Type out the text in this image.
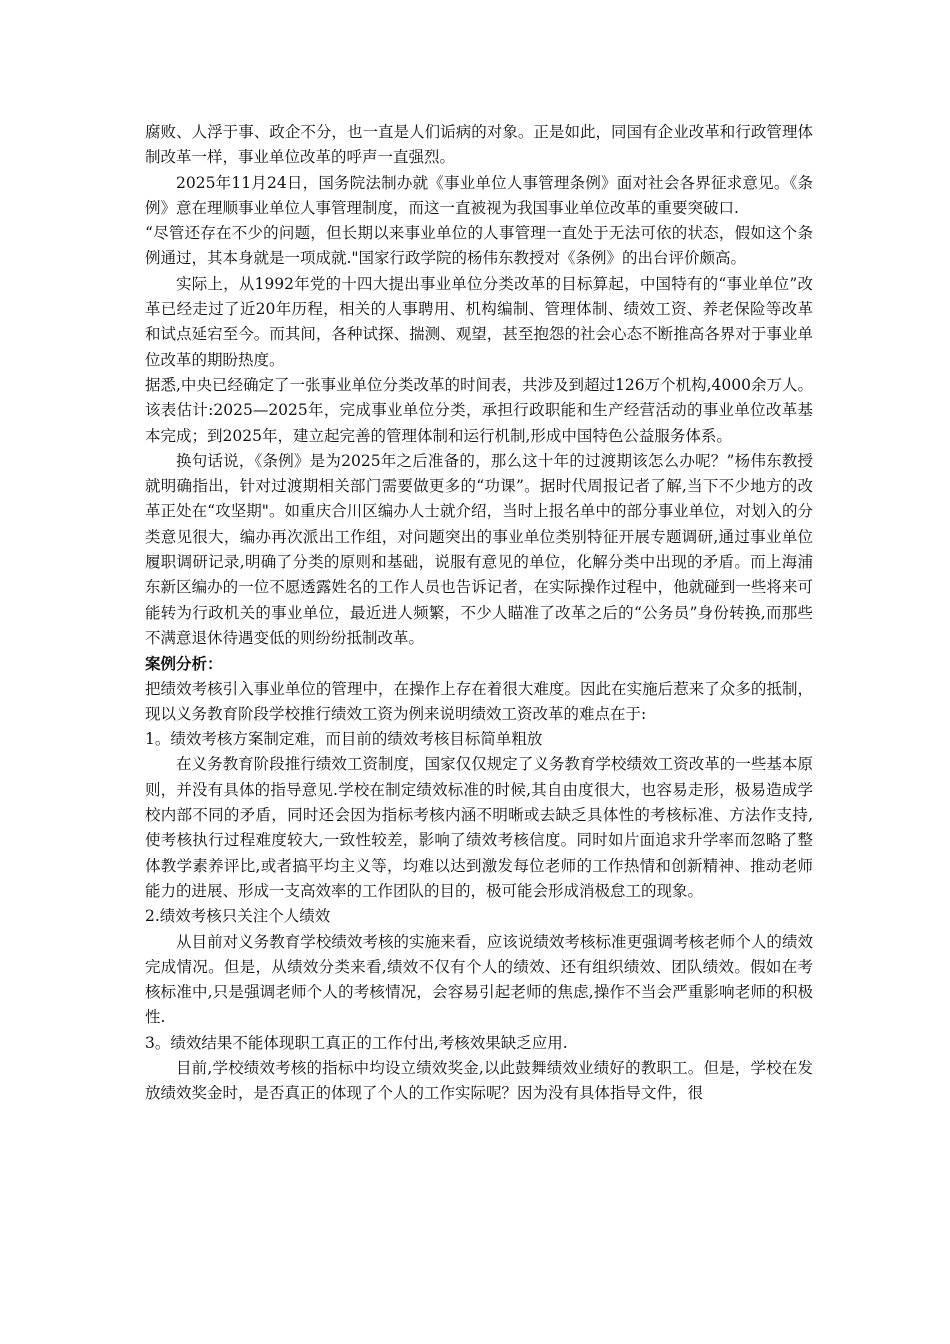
腐败、人浮于事、政企不分，也一直是人们诟病的对象。正是如此，同国有企业改革和行政管理体制改革一样，事业单位改革的呼声一直强烈。

2025年11月24日，国务院法制办就《事业单位人事管理条例》面对社会各界征求意见。《条例》意在理顺事业单位人事管理制度，而这一直被视为我国事业单位改革的重要突破口.

“尽管还存在不少的问题，但长期以来事业单位的人事管理一直处于无法可依的状态，假如这个条例通过，其本身就是一项成就."国家行政学院的杨伟东教授对《条例》的出台评价颇高。

实际上，从1992年党的十四大提出事业单位分类改革的目标算起，中国特有的“事业单位”改革已经走过了近20年历程，相关的人事聘用、机构编制、管理体制、绩效工资、养老保险等改革和试点延宕至今。而其间，各种试探、揣测、观望，甚至抱怨的社会心态不断推高各界对于事业单位改革的期盼热度。

据悉,中央已经确定了一张事业单位分类改革的时间表，共涉及到超过126万个机构,4000余万人。该表估计:2025—2025年，完成事业单位分类，承担行政职能和生产经营活动的事业单位改革基本完成；到2025年，建立起完善的管理体制和运行机制,形成中国特色公益服务体系。

换句话说，《条例》是为2025年之后准备的，那么这十年的过渡期该怎么办呢？”杨伟东教授就明确指出，针对过渡期相关部门需要做更多的“功课”。据时代周报记者了解,当下不少地方的改革正处在“攻坚期"。如重庆合川区编办人士就介绍，当时上报名单中的部分事业单位，对划入的分类意见很大，编办再次派出工作组，对问题突出的事业单位类别特征开展专题调研,通过事业单位履职调研记录,明确了分类的原则和基础，说服有意见的单位，化解分类中出现的矛盾。而上海浦东新区编办的一位不愿透露姓名的工作人员也告诉记者，在实际操作过程中，他就碰到一些将来可能转为行政机关的事业单位，最近进人频繁，不少人瞄准了改革之后的“公务员”身份转换,而那些不满意退休待遇变低的则纷纷抵制改革。

案例分析：

把绩效考核引入事业单位的管理中，在操作上存在着很大难度。因此在实施后惹来了众多的抵制，现以义务教育阶段学校推行绩效工资为例来说明绩效工资改革的难点在于:

1。绩效考核方案制定难，而目前的绩效考核目标简单粗放

在义务教育阶段推行绩效工资制度，国家仅仅规定了义务教育学校绩效工资改革的一些基本原则，并没有具体的指导意见.学校在制定绩效标准的时候,其自由度很大，也容易走形，极易造成学校内部不同的矛盾，同时还会因为指标考核内涵不明晰或去缺乏具体性的考核标准、方法作支持,使考核执行过程难度较大,一致性较差，影响了绩效考核信度。同时如片面追求升学率而忽略了整体教学素养评比,或者搞平均主义等，均难以达到激发每位老师的工作热情和创新精神、推动老师能力的进展、形成一支高效率的工作团队的目的，极可能会形成消极怠工的现象。

2.绩效考核只关注个人绩效

从目前对义务教育学校绩效考核的实施来看，应该说绩效考核标准更强调考核老师个人的绩效完成情况。但是，从绩效分类来看,绩效不仅有个人的绩效、还有组织绩效、团队绩效。假如在考核标准中,只是强调老师个人的考核情况，会容易引起老师的焦虑,操作不当会严重影响老师的积极性.

3。绩效结果不能体现职工真正的工作付出,考核效果缺乏应用.

目前,学校绩效考核的指标中均设立绩效奖金,以此鼓舞绩效业绩好的教职工。但是，学校在发放绩效奖金时，是否真正的体现了个人的工作实际呢？因为没有具体指导文件，很
